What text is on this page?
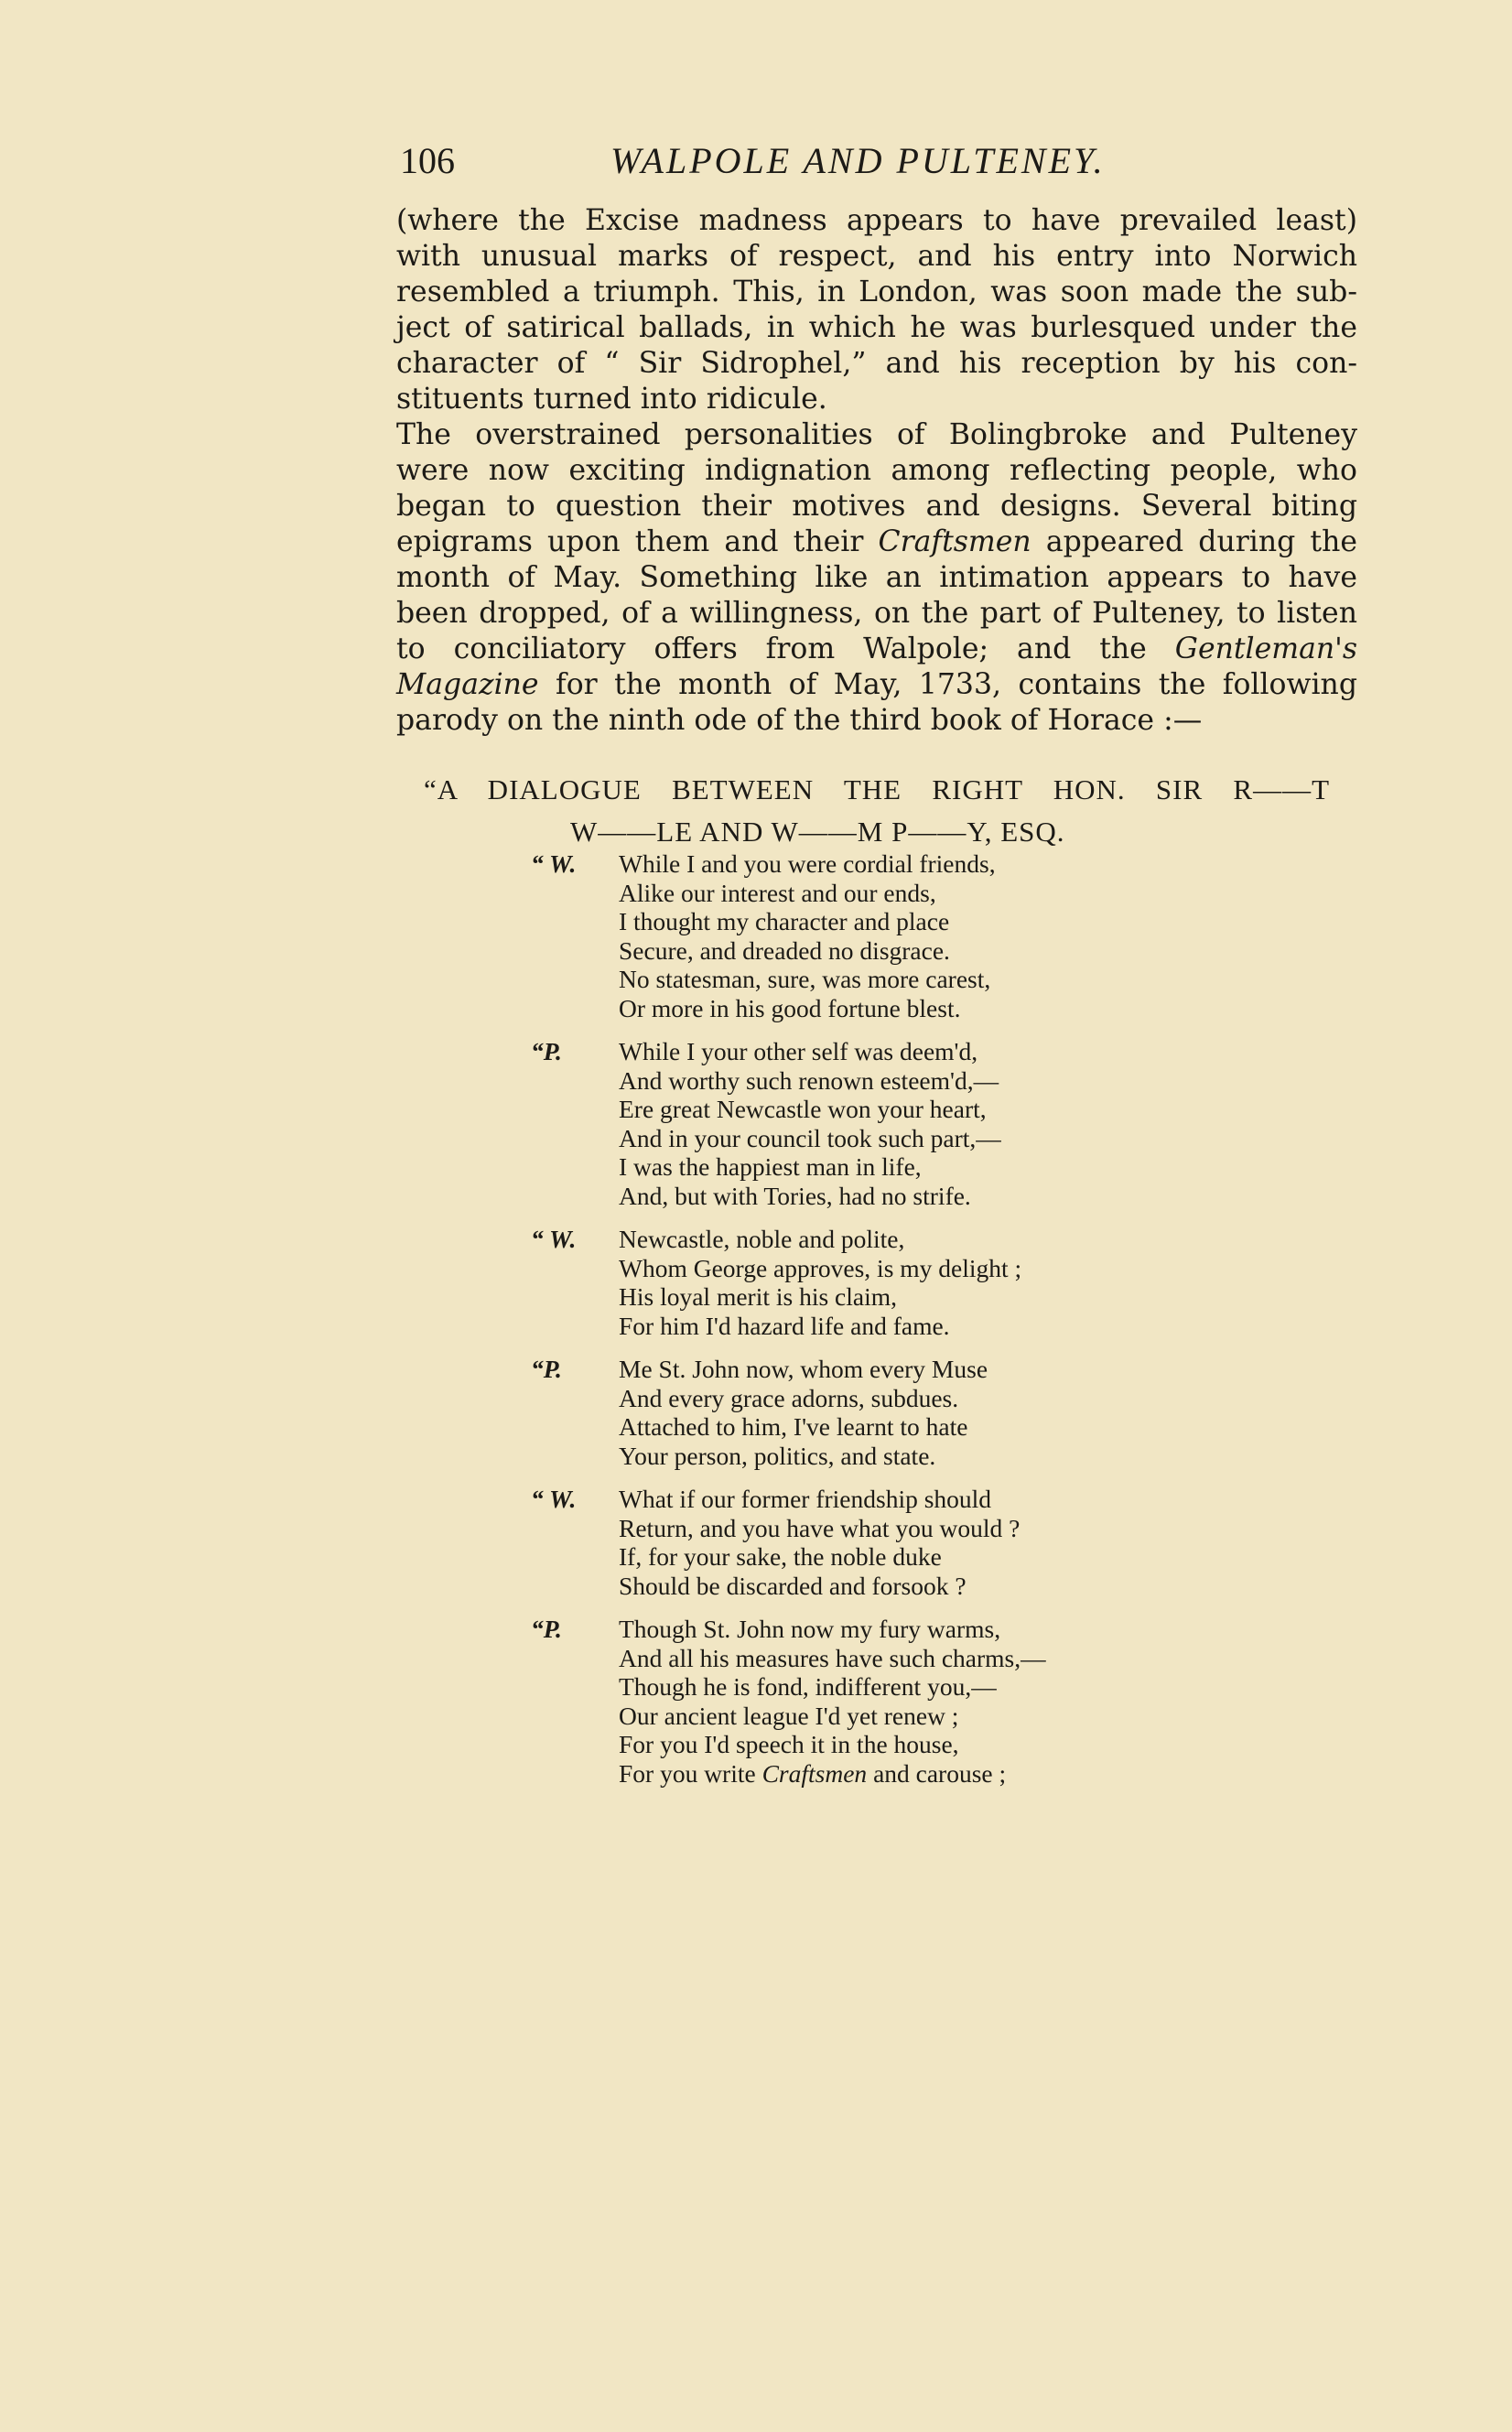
106	WALPOLE AND PULTENEY.
(where the Excise madness appears to have prevailed least)
with unusual marks of respect, and his entry into Norwich
resembled a triumph. This, in London, was soon made the sub-
ject of satirical ballads, in which he was burlesqued under the
character of “ Sir Sidrophel,” and his reception by his con-
stituents turned into ridicule.
The overstrained personalities of Bolingbroke and Pulteney
were now exciting indignation among reflecting people, who
began to question their motives and designs. Several biting
epigrams upon them and their Craftsmen appeared during the
month of May. Something like an intimation appears to have
been dropped, of a willingness, on the part of Pulteney, to listen
to conciliatory offers from Walpole; and the Gentleman's
Magazine for the month of May, 1733, contains the following
parody on the ninth ode of the third book of Horace :—
“A DIALOGUE BETWEEN THE RIGHT HON. SIR R——T
W——LE AND W——M P——Y, ESQ.
“ W. While I and you were cordial friends,
Alike our interest and our ends,
I thought my character and place
Secure, and dreaded no disgrace.
No statesman, sure, was more carest,
Or more in his good fortune blest.
“P. While I your other self was deem'd,
And worthy such renown esteem'd,—
Ere great Newcastle won your heart,
And in your council took such part,—
I was the happiest man in life,
And, but with Tories, had no strife.
“ W. Newcastle, noble and polite,
Whom George approves, is my delight ;
His loyal merit is his claim,
For him I'd hazard life and fame.
“P. Me St. John now, whom every Muse
And every grace adorns, subdues.
Attached to him, I've learnt to hate
Your person, politics, and state.
“ W. What if our former friendship should
Return, and you have what you would ?
If, for your sake, the noble duke
Should be discarded and forsook ?
“P. Though St. John now my fury warms,
And all his measures have such charms,—
Though he is fond, indifferent you,—
Our ancient league I'd yet renew ;
For you I'd speech it in the house,
For you write Craftsmen and carouse ;
